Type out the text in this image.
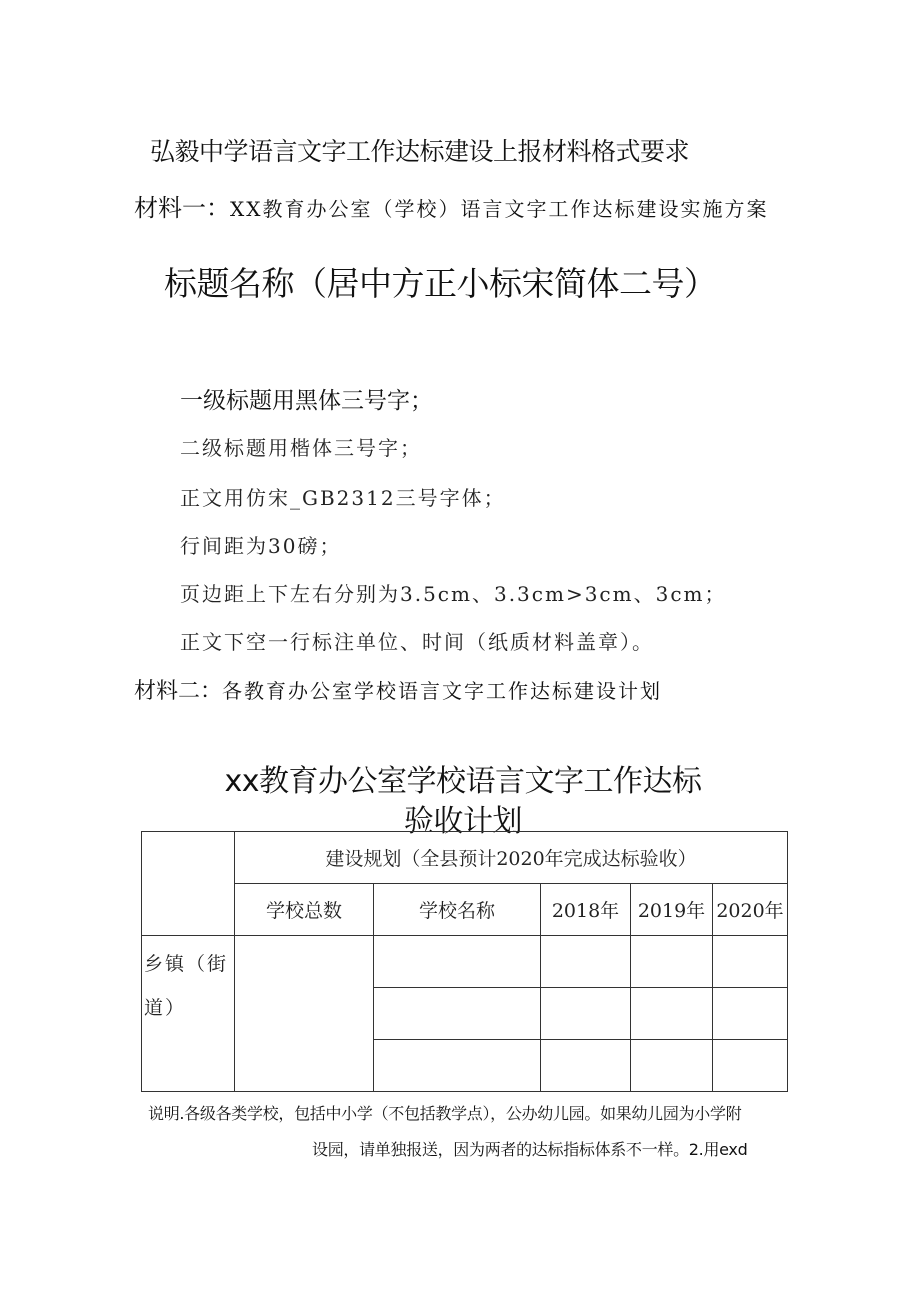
弘毅中学语言文字工作达标建设上报材料格式要求
材料一：XX教育办公室（学校）语言文字工作达标建设实施方案
标题名称（居中方正小标宋简体二号）
一级标题用黑体三号字；
二级标题用楷体三号字；
正文用仿宋_GB2312三号字体；
行间距为30磅；
页边距上下左右分别为3.5cm、3.3cm>3cm、3cm；
正文下空一行标注单位、时间（纸质材料盖章）。
材料二：各教育办公室学校语言文字工作达标建设计划
xx教育办公室学校语言文字工作达标
验收计划
	建设规划（全县预计2020年完成达标验收）				
	学校总数	学校名称	2018年	2019年	2020年
乡镇（街道）					

说明.各级各类学校，包括中小学（不包括教学点），公办幼儿园。如果幼儿园为小学附
设园，请单独报送，因为两者的达标指标体系不一样。2.用exd
